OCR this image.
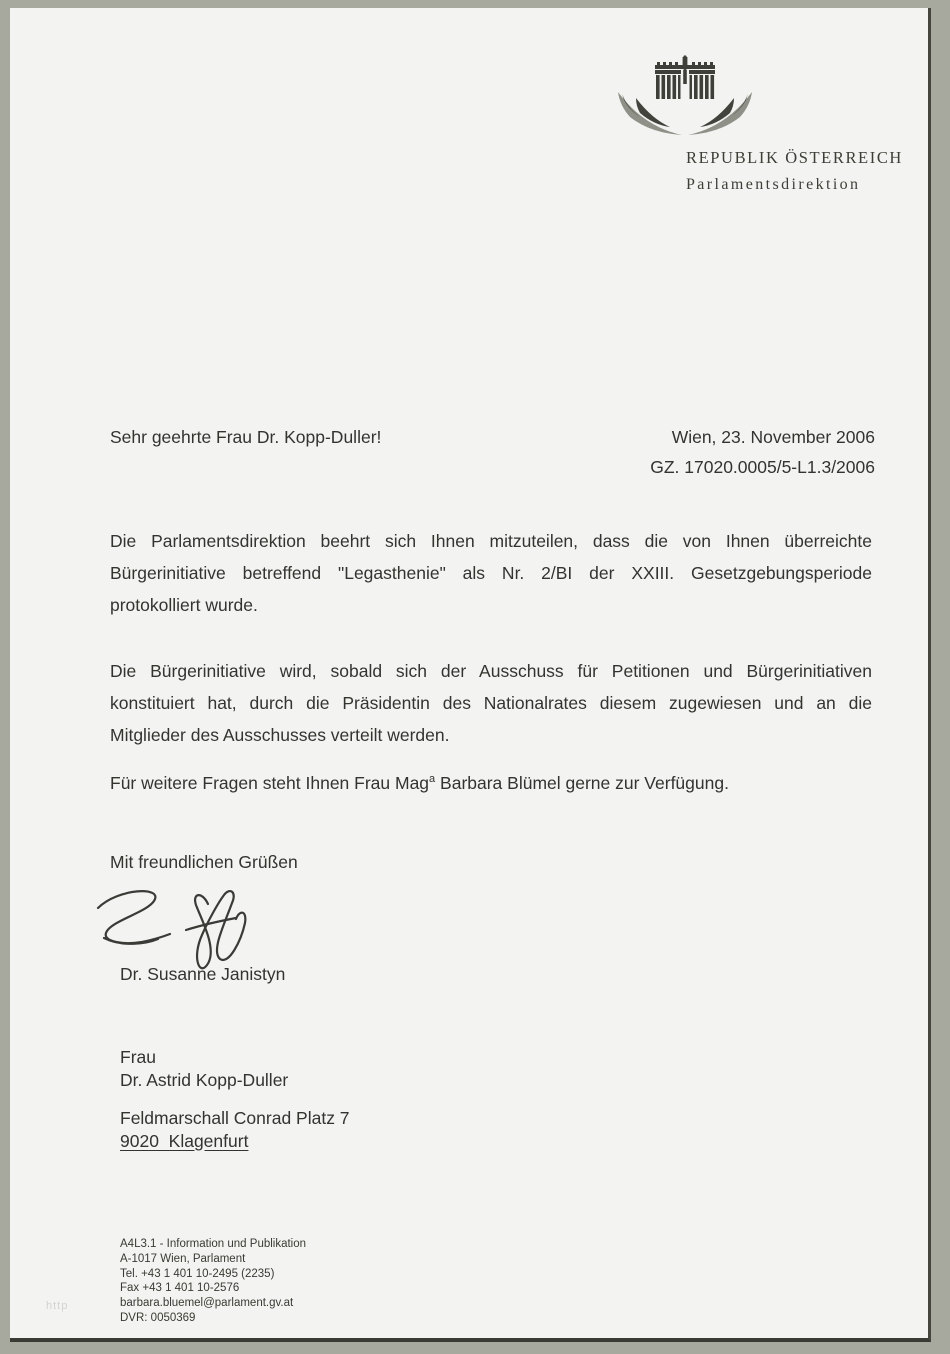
REPUBLIK ÖSTERREICH
Parlamentsdirektion
Sehr geehrte Frau Dr. Kopp-Duller!	Wien, 23. November 2006
GZ. 17020.0005/5-L1.3/2006
Die Parlamentsdirektion beehrt sich Ihnen mitzuteilen, dass die von Ihnen überreichte
Bürgerinitiative betreffend "Legasthenie" als Nr. 2/BI der XXIII. Gesetzgebungsperiode
protokolliert wurde.
Die Bürgerinitiative wird, sobald sich der Ausschuss für Petitionen und Bürgerinitiativen
konstituiert hat, durch die Präsidentin des Nationalrates diesem zugewiesen und an die
Mitglieder des Ausschusses verteilt werden.
Für weitere Fragen steht Ihnen Frau Mag$^a$ Barbara Blümel gerne zur Verfügung.
Mit freundlichen Grüßen
Dr. Susanne Janistyn
Frau
Dr. Astrid Kopp-Duller
Feldmarschall Conrad Platz 7
9020  Klagenfurt
A4L3.1 - Information und Publikation
A-1017 Wien, Parlament
Tel. +43 1 401 10-2495 (2235)
Fax +43 1 401 10-2576
barbara.bluemel@parlament.gv.at
DVR: 0050369
http
